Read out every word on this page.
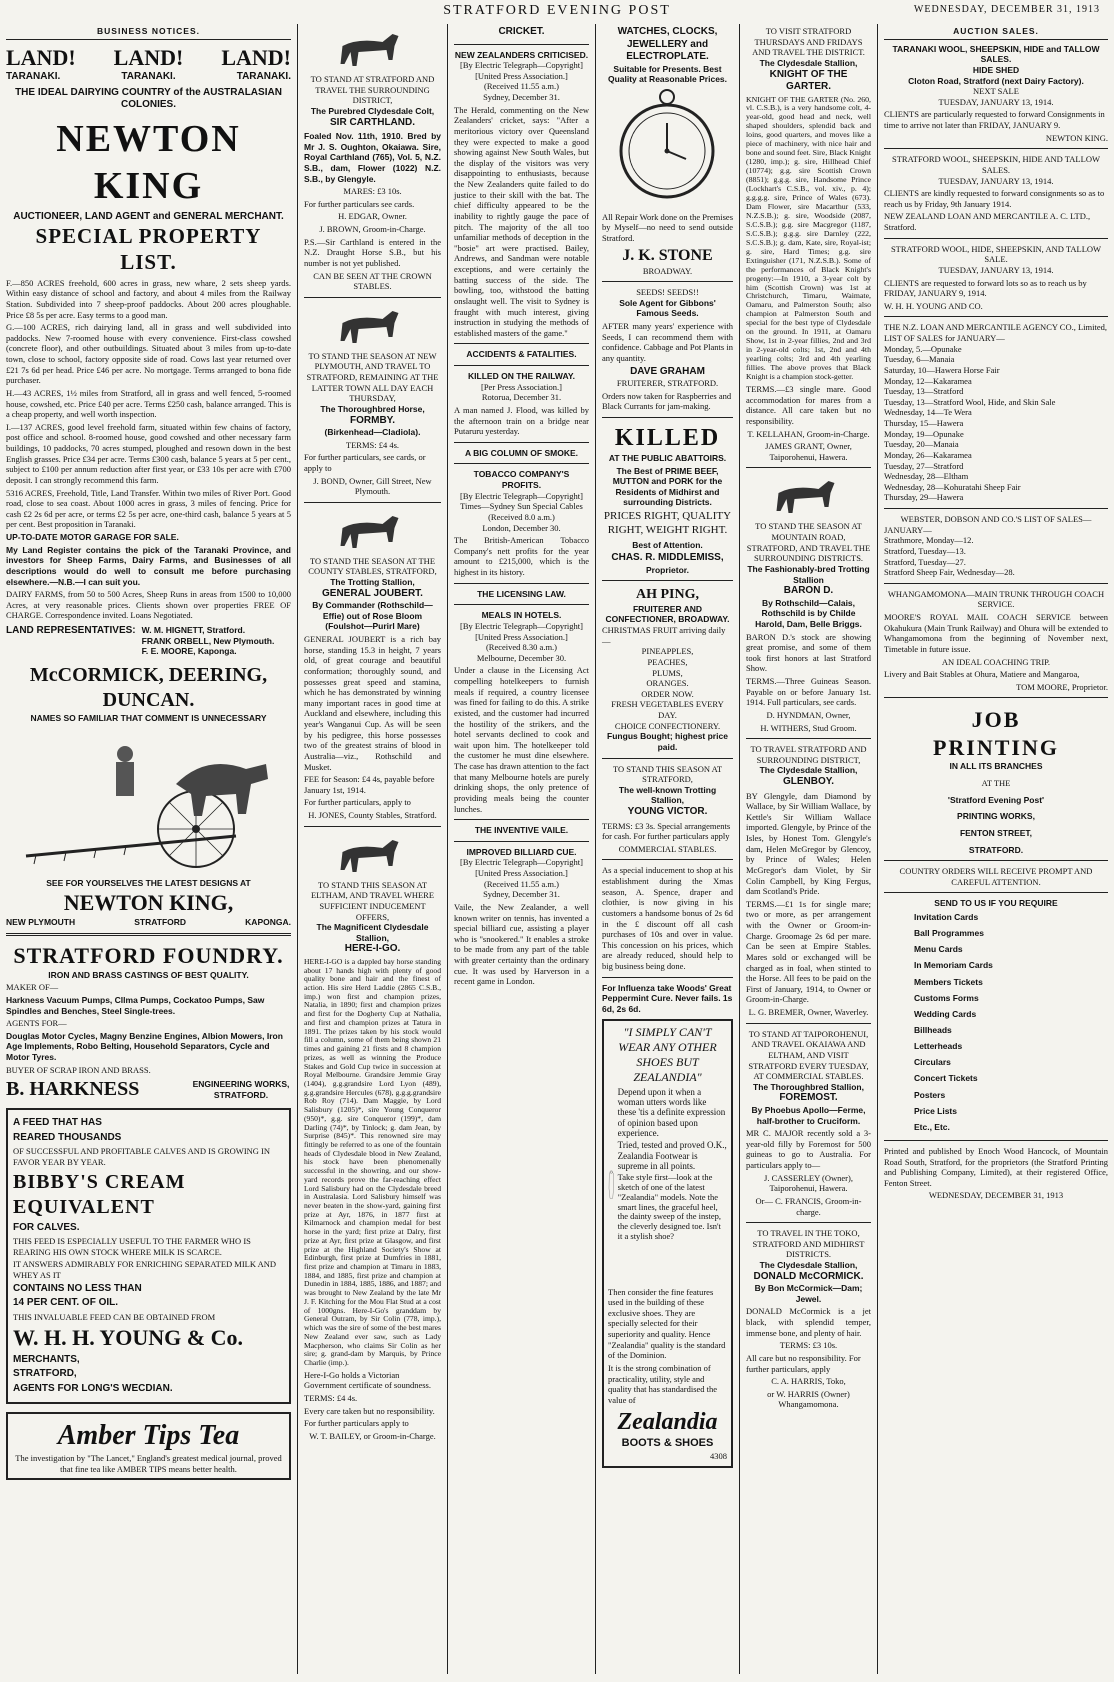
STRATFORD EVENING POST	WEDNESDAY, DECEMBER 31, 1913
BUSINESS NOTICES.
LAND! LAND! LAND!
TARANAKI.	TARANAKI.	TARANAKI.
THE IDEAL DAIRYING COUNTRY of the AUSTRALASIAN COLONIES.
NEWTON KING
AUCTIONEER, LAND AGENT and GENERAL MERCHANT.
SPECIAL PROPERTY LIST.

F.—850 ACRES freehold, 600 acres in grass, new whare, 2 sets sheep yards. Within easy distance of school and factory, and about 4 miles from the Railway Station. Subdivided into 7 sheep-proof paddocks. About 200 acres ploughable. Price £8 5s per acre. Easy terms to a good man.

G.—100 ACRES, rich dairying land, all in grass and well subdivided into paddocks. New 7-roomed house with every convenience. First-class cowshed (concrete floor), and other outbuildings. Situated about 3 miles from up-to-date town, close to school, factory opposite side of road. Cows last year returned over £21 7s 6d per head. Price £46 per acre. No mortgage. Terms arranged to bona fide purchaser.

H.—43 ACRES, 1½ miles from Stratford, all in grass and well fenced, 5-roomed house, cowshed, etc. Price £40 per acre. Terms £250 cash, balance arranged. This is a cheap property, and well worth inspection.

I.—137 ACRES, good level freehold farm, situated within few chains of factory, post office and school. 8-roomed house, good cowshed and other necessary farm buildings, 10 paddocks, 70 acres stumped, ploughed and resown down in the best English grasses. Price £34 per acre. Terms £300 cash, balance 5 years at 5 per cent., subject to £100 per annum reduction after first year, or £33 10s per acre with £700 deposit. I can strongly recommend this farm.

5316 ACRES, Freehold, Title, Land Transfer. Within two miles of River Port. Good road, close to sea coast. About 1000 acres in grass, 3 miles of fencing. Price for cash £2 2s 6d per acre, or terms £2 5s per acre, one-third cash, balance 5 years at 5 per cent. Best proposition in Taranaki.

UP-TO-DATE MOTOR GARAGE FOR SALE.

My Land Register contains the pick of the Taranaki Province, and investors for Sheep Farms, Dairy Farms, and Businesses of all descriptions would do well to consult me before purchasing elsewhere.—N.B.—I can suit you.

DAIRY FARMS, from 50 to 500 Acres, Sheep Runs in areas from 1500 to 10,000 Acres, at very reasonable prices. Clients shown over properties FREE OF CHARGE. Correspondence invited. Loans Negotiated.

LAND REPRESENTATIVES: W. M. HIGNETT, Stratford.
FRANK ORBELL, New Plymouth.
F. E. MOORE, Kaponga.
McCORMICK, DEERING, DUNCAN.
NAMES SO FAMILIAR THAT COMMENT IS UNNECESSARY
SEE FOR YOURSELVES THE LATEST DESIGNS AT
NEWTON KING,
NEW PLYMOUTH	STRATFORD	KAPONGA.
STRATFORD FOUNDRY.
IRON AND BRASS CASTINGS OF BEST QUALITY.

MAKER OF—

Harkness Vacuum Pumps, Cllma Pumps, Cockatoo Pumps, Saw Spindles and Benches, Steel Single-trees.

AGENTS FOR—

Douglas Motor Cycles, Magny Benzine Engines, Albion Mowers, Iron Age Implements, Robo Belting, Household Separators, Cycle and Motor Tyres.

BUYER OF SCRAP IRON AND BRASS.

B. HARKNESS	ENGINEERING WORKS, STRATFORD.

A FEED THAT HAS

REARED THOUSANDS

OF SUCCESSFUL AND PROFITABLE CALVES AND IS GROWING IN FAVOR YEAR BY YEAR.

BIBBY'S CREAM EQUIVALENT

FOR CALVES.

THIS FEED IS ESPECIALLY USEFUL TO THE FARMER WHO IS REARING HIS OWN STOCK WHERE MILK IS SCARCE.

IT ANSWERS ADMIRABLY FOR ENRICHING SEPARATED MILK AND WHEY AS IT

CONTAINS NO LESS THAN

14 PER CENT. OF OIL.

THIS INVALUABLE FEED CAN BE OBTAINED FROM

W. H. H. YOUNG & Co.

MERCHANTS,

STRATFORD,

AGENTS FOR LONG'S WECDIAN.

Amber Tips Tea
The investigation by "The Lancet," England's greatest medical journal, proved that fine tea like AMBER TIPS means better health.
TO STAND AT STRATFORD AND TRAVEL THE SURROUNDING DISTRICT,
The Purebred Clydesdale Colt,
SIR CARTHLAND.

Foaled Nov. 11th, 1910. Bred by Mr J. S. Oughton, Okaiawa. Sire, Royal Carthland (765), Vol. 5, N.Z. S.B., dam, Flower (1022) N.Z. S.B., by Glengyle.

MARES: £3 10s.

For further particulars see cards.

H. EDGAR, Owner.

J. BROWN, Groom-in-Charge.

P.S.—Sir Carthland is entered in the N.Z. Draught Horse S.B., but his number is not yet published.

CAN BE SEEN AT THE CROWN STABLES.

TO STAND THE SEASON AT NEW PLYMOUTH, AND TRAVEL TO STRATFORD, REMAINING AT THE LATTER TOWN ALL DAY EACH THURSDAY,
The Thoroughbred Horse,
FORMBY.
(Birkenhead—Cladiola).

TERMS: £4 4s.

For further particulars, see cards, or apply to

J. BOND, Owner, Gill Street, New Plymouth.

TO STAND THE SEASON AT THE COUNTY STABLES, STRATFORD,
The Trotting Stallion,
GENERAL JOUBERT.
By Commander (Rothschild—Effie) out of Rose Bloom (Foulshot—Purirl Mare)

GENERAL JOUBERT is a rich bay horse, standing 15.3 in height, 7 years old, of great courage and beautiful conformation; thoroughly sound, and possesses great speed and stamina, which he has demonstrated by winning many important races in good time at Auckland and elsewhere, including this year's Wanganui Cup. As will be seen by his pedigree, this horse possesses two of the greatest strains of blood in Australia—viz., Rothschild and Musket.

FEE for Season: £4 4s, payable before January 1st, 1914.

For further particulars, apply to

H. JONES, County Stables, Stratford.

TO STAND THIS SEASON AT ELTHAM, AND TRAVEL WHERE SUFFICIENT INDUCEMENT OFFERS,
The Magnificent Clydesdale Stallion,
HERE-I-GO.

HERE-I-GO is a dappled bay horse standing about 17 hands high with plenty of good quality bone and hair and the finest of action. His sire Herd Laddie (2865 C.S.B., imp.) won first and champion prizes, Natalia, in 1890; first and champion prizes and first for the Dogherty Cup at Nathalia, and first and champion prizes at Tatura in 1891. The prizes taken by his stock would fill a column, some of them being shown 21 times and gaining 21 firsts and 8 champion prizes, as well as winning the Produce Stakes and Gold Cup twice in succession at Royal Melbourne. Grandsire Jemmie Gray (1404), g.g.grandsire Lord Lyon (489), g.g.grandsire Hercules (678), g.g.g.grandsire Rob Roy (714). Dam Maggie, by Lord Salisbury (1205)*, sire Young Conqueror (950)*, g.g. sire Conqueror (199)*, dam Darling (74)*, by Tinlock; g. dam Jean, by Surprise (845)*. This renowned sire may fittingly be referred to as one of the fountain heads of Clydesdale blood in New Zealand, his stock have been phenomenally successful in the showring, and our show-yard records prove the far-reaching effect Lord Salisbury had on the Clydesdale breed in Australasia. Lord Salisbury himself was never beaten in the show-yard, gaining first prize at Ayr, 1876, in 1877 first at Kilmarnock and champion medal for best horse in the yard; first prize at Dalry, first prize at Ayr, first prize at Glasgow, and first prize at the Highland Society's Show at Edinburgh, first prize at Dumfries in 1881, first prize and champion at Timaru in 1883, 1884, and 1885, first prize and champion at Dunedin in 1884, 1885, 1886, and 1887; and was brought to New Zealand by the late Mr J. F. Kitching for the Mou Flat Stud at a cost of 1000gns. Here-I-Go's granddam by General Outram, by Sir Colin (778, imp.), which was the sire of some of the best mares New Zealand ever saw, such as Lady Macpherson, who claims Sir Colin as her sire; g. grand-dam by Marquis, by Prince Charlie (imp.).

Here-I-Go holds a Victorian Government certificate of soundness.

TERMS: £4 4s.

Every care taken but no responsibility.

For further particulars apply to

W. T. BAILEY, or Groom-in-Charge.

CRICKET.
NEW ZEALANDERS CRITICISED.
[By Electric Telegraph—Copyright] [United Press Association.]
(Received 11.55 a.m.)
Sydney, December 31.

The Herald, commenting on the New Zealanders' cricket, says: "After a meritorious victory over Queensland they were expected to make a good showing against New South Wales, but the display of the visitors was very disappointing to enthusiasts, because the New Zealanders quite failed to do justice to their skill with the bat. The chief difficulty appeared to be the inability to rightly gauge the pace of pitch. The majority of the all too unfamiliar methods of deception in the "bosie" art were practised. Bailey, Andrews, and Sandman were notable exceptions, and were certainly the batting success of the side. The bowling, too, withstood the batting onslaught well. The visit to Sydney is fraught with much interest, giving instruction in studying the methods of established masters of the game."

ACCIDENTS & FATALITIES.
KILLED ON THE RAILWAY.
[Per Press Association.]
Rotorua, December 31.

A man named J. Flood, was killed by the afternoon train on a bridge near Putaruru yesterday.

A BIG COLUMN OF SMOKE.
TOBACCO COMPANY'S PROFITS.
[By Electric Telegraph—Copyright] Times—Sydney Sun Special Cables (Received 8.0 a.m.)
London, December 30.

The British-American Tobacco Company's nett profits for the year amount to £215,000, which is the highest in its history.

THE LICENSING LAW.
MEALS IN HOTELS.
[By Electric Telegraph—Copyright] [United Press Association.]
(Received 8.30 a.m.)
Melbourne, December 30.

Under a clause in the Licensing Act compelling hotelkeepers to furnish meals if required, a country licensee was fined for failing to do this. A strike existed, and the customer had incurred the hostility of the strikers, and the hotel servants declined to cook and wait upon him. The hotelkeeper told the customer he must dine elsewhere. The case has drawn attention to the fact that many Melbourne hotels are purely drinking shops, the only pretence of providing meals being the counter lunches.

THE INVENTIVE VAILE.
IMPROVED BILLIARD CUE.
[By Electric Telegraph—Copyright] [United Press Association.]
(Received 11.55 a.m.)
Sydney, December 31.

Vaile, the New Zealander, a well known writer on tennis, has invented a special billiard cue, assisting a player who is "snookered." It enables a stroke to be made from any part of the table with greater certainty than the ordinary cue. It was used by Harverson in a recent game in London.

WATCHES, CLOCKS, JEWELLERY and ELECTROPLATE.
Suitable for Presents. Best Quality at Reasonable Prices.

All Repair Work done on the Premises by Myself—no need to send outside Stratford.

J. K. STONE
BROADWAY.
SEEDS! SEEDS!!
Sole Agent for Gibbons' Famous Seeds.

AFTER many years' experience with Seeds, I can recommend them with confidence. Cabbage and Pot Plants in any quantity.

DAVE GRAHAM
FRUITERER, STRATFORD.

Orders now taken for Raspberries and Black Currants for jam-making.

KILLED
AT THE PUBLIC ABATTOIRS.

The Best of PRIME BEEF, MUTTON and PORK for the Residents of Midhirst and surrounding Districts.

PRICES RIGHT, QUALITY RIGHT, WEIGHT RIGHT.

Best of Attention.

CHAS. R. MIDDLEMISS,
Proprietor.
AH PING,
FRUITERER AND CONFECTIONER, BROADWAY.
CHRISTMAS FRUIT arriving daily—
PINEAPPLES,
PEACHES,
PLUMS,
ORANGES.
ORDER NOW.
FRESH VEGETABLES EVERY DAY.
CHOICE CONFECTIONERY.
Fungus Bought; highest price paid.
TO STAND THIS SEASON AT STRATFORD,
The well-known Trotting Stallion,
YOUNG VICTOR.

TERMS: £3 3s. Special arrangements for cash. For further particulars apply

COMMERCIAL STABLES.

As a special inducement to shop at his establishment during the Xmas season, A. Spence, draper and clothier, is now giving in his customers a handsome bonus of 2s 6d in the £ discount off all cash purchases of 10s and over in value. This concession on his prices, which are already reduced, should help to big business being done.

For Influenza take Woods' Great Peppermint Cure. Never fails. 1s 6d, 2s 6d.

"I SIMPLY CAN'T WEAR ANY OTHER SHOES BUT ZEALANDIA"

Depend upon it when a woman utters words like these 'tis a definite expression of opinion based upon experience.

Tried, tested and proved O.K., Zealandia Footwear is supreme in all points.

Take style first—look at the sketch of one of the latest "Zealandia" models. Note the smart lines, the graceful heel, the dainty sweep of the instep, the cleverly designed toe. Isn't it a stylish shoe?

Then consider the fine features used in the building of these exclusive shoes. They are specially selected for their superiority and quality. Hence "Zealandia" quality is the standard of the Dominion.

It is the strong combination of practicality, utility, style and quality that has standardised the value of

Zealandia
BOOTS & SHOES
4308
TO VISIT STRATFORD THURSDAYS AND FRIDAYS AND TRAVEL THE DISTRICT.
The Clydesdale Stallion,
KNIGHT OF THE GARTER.

KNIGHT OF THE GARTER (No. 260, vl. C.S.B.), is a very handsome colt, 4-year-old, good head and neck, well shaped shoulders, splendid back and loins, good quarters, and moves like a piece of machinery, with nice hair and bone and sound feet. Sire, Black Knight (1280, imp.); g. sire, Hillhead Chief (10774); g.g. sire Scottish Crown (8851); g.g.g. sire, Handsome Prince (Lockhart's C.S.B., vol. xiv., p. 4); g.g.g.g. sire, Prince of Wales (673). Dam Flower, sire Macarthur (533, N.Z.S.B.); g. sire, Woodside (2087, S.C.S.B.); g.g. sire Macgregor (1187, S.C.S.B.); g.g.g. sire Darnley (222, S.C.S.B.); g. dam, Kate, sire, Royal-ist; g. sire, Hard Times; g.g. sire Extinguisher (171, N.Z.S.B.). Some of the performances of Black Knight's progeny:—In 1910, a 3-year colt by him (Scottish Crown) was 1st at Christchurch, Timaru, Waimate, Oamaru, and Palmerston South; also champion at Palmerston South and special for the best type of Clydesdale on the ground. In 1911, at Oamaru Show, 1st in 2-year fillies, 2nd and 3rd in 2-year-old colts; 1st, 2nd and 4th yearling colts; 3rd and 4th yearling fillies. The above proves that Black Knight is a champion stock-getter.

TERMS.—£3 single mare. Good accommodation for mares from a distance. All care taken but no responsibility.

T. KELLAHAN, Groom-in-Charge.

JAMES GRANT, Owner, Taiporohenui, Hawera.

TO STAND THE SEASON AT MOUNTAIN ROAD, STRATFORD, AND TRAVEL THE SURROUNDING DISTRICTS.
The Fashionably-bred Trotting Stallion
BARON D.
By Rothschild—Calais, Rothschild is by Childe Harold, Dam, Belle Briggs.

BARON D.'s stock are showing great promise, and some of them took first honors at last Stratford Show.

TERMS.—Three Guineas Season. Payable on or before January 1st. 1914. Full particulars, see cards.

D. HYNDMAN, Owner,

H. WITHERS, Stud Groom.

TO TRAVEL STRATFORD AND SURROUNDING DISTRICT,
The Clydesdale Stallion,
GLENBOY.

BY Glengyle, dam Diamond by Wallace, by Sir William Wallace, by Kettle's Sir William Wallace imported. Glengyle, by Prince of the Isles, by Honest Tom. Glengyle's dam, Helen McGregor by Glencoy, by Prince of Wales; Helen McGregor's dam Violet, by Sir Colin Campbell, by King Fergus, dam Scotland's Pride.

TERMS.—£1 1s for single mare; two or more, as per arrangement with the Owner or Groom-in-Charge. Groomage 2s 6d per mare. Can be seen at Empire Stables. Mares sold or exchanged will be charged as in foal, when stinted to the Horse. All fees to be paid on the First of January, 1914, to Owner or Groom-in-Charge.

L. G. BREMER, Owner, Waverley.

TO STAND AT TAIPOROHENUI, AND TRAVEL OKAIAWA AND ELTHAM, AND VISIT STRATFORD EVERY TUESDAY, AT COMMERCIAL STABLES.
The Thoroughbred Stallion,
FOREMOST.
By Phoebus Apollo—Ferme, half-brother to Cruciform.

MR C. MAJOR recently sold a 3-year-old filly by Foremost for 500 guineas to go to Australia. For particulars apply to—

J. CASSERLEY (Owner), Taiporohenui, Hawera.

Or— C. FRANCIS, Groom-in-charge.

TO TRAVEL IN THE TOKO, STRATFORD AND MIDHIRST DISTRICTS.
The Clydesdale Stallion,
DONALD McCORMICK.
By Bon McCormick—Dam; Jewel.

DONALD McCormick is a jet black, with splendid temper, immense bone, and plenty of hair.

TERMS: £3 10s.

All care but no responsibility. For further particulars, apply

C. A. HARRIS, Toko,

or W. HARRIS (Owner) Whangamomona.

AUCTION SALES.
TARANAKI WOOL, SHEEPSKIN, HIDE and TALLOW SALES.
HIDE SHED
Cloton Road, Stratford (next Dairy Factory).
NEXT SALE
TUESDAY, JANUARY 13, 1914.

CLIENTS are particularly requested to forward Consignments in time to arrive not later than FRIDAY, JANUARY 9.

NEWTON KING.

STRATFORD WOOL, SHEEPSKIN, HIDE AND TALLOW SALES.
TUESDAY, JANUARY 13, 1914.

CLIENTS are kindly requested to forward consignments so as to reach us by Friday, 9th January 1914.

NEW ZEALAND LOAN AND MERCANTILE A. C. LTD., Stratford.

STRATFORD WOOL, HIDE, SHEEPSKIN, AND TALLOW SALE.
TUESDAY, JANUARY 13, 1914.

CLIENTS are requested to forward lots so as to reach us by FRIDAY, JANUARY 9, 1914.

W. H. H. YOUNG AND CO.

THE N.Z. LOAN AND MERCANTILE AGENCY CO., Limited,
LIST OF SALES for JANUARY—
Monday, 5.—Opunake
Tuesday, 6—Manaia
Saturday, 10—Hawera Horse Fair
Monday, 12—Kakaramea
Tuesday, 13—Stratford
Tuesday, 13—Stratford Wool, Hide, and Skin Sale
Wednesday, 14—Te Wera
Thursday, 15—Hawera
Monday, 19—Opunake
Tuesday, 20—Manaia
Monday, 26—Kakaramea
Tuesday, 27—Stratford
Wednesday, 28—Eltham
Wednesday, 28—Kohuratahi Sheep Fair
Thursday, 29—Hawera
WEBSTER, DOBSON AND CO.'S LIST OF SALES—
JANUARY—
Strathmore, Monday—12.
Stratford, Tuesday—13.
Stratford, Tuesday—27.
Stratford Sheep Fair, Wednesday—28.
WHANGAMOMONA—MAIN TRUNK THROUGH COACH SERVICE.

MOORE'S ROYAL MAIL COACH SERVICE between Okahukura (Main Trunk Railway) and Ohura will be extended to Whangamomona from the beginning of November next, Timetable in future issue.

AN IDEAL COACHING TRIP.

Livery and Bait Stables at Ohura, Matiere and Mangaroa,

TOM MOORE, Proprietor.

JOB
PRINTING
IN ALL ITS BRANCHES
AT THE
'Stratford Evening Post'
PRINTING WORKS,
FENTON STREET,
STRATFORD.

COUNTRY ORDERS WILL RECEIVE PROMPT AND CAREFUL ATTENTION.

SEND TO US IF YOU REQUIRE
Invitation Cards
Ball Programmes
Menu Cards
In Memoriam Cards
Members Tickets
Customs Forms
Wedding Cards
Billheads
Letterheads
Circulars
Concert Tickets
Posters
Price Lists
Etc., Etc.

Printed and published by Enoch Wood Hancock, of Mountain Road South, Stratford, for the proprietors (the Stratford Printing and Publishing Company, Limited), at their registered Office, Fenton Street.

WEDNESDAY, DECEMBER 31, 1913
